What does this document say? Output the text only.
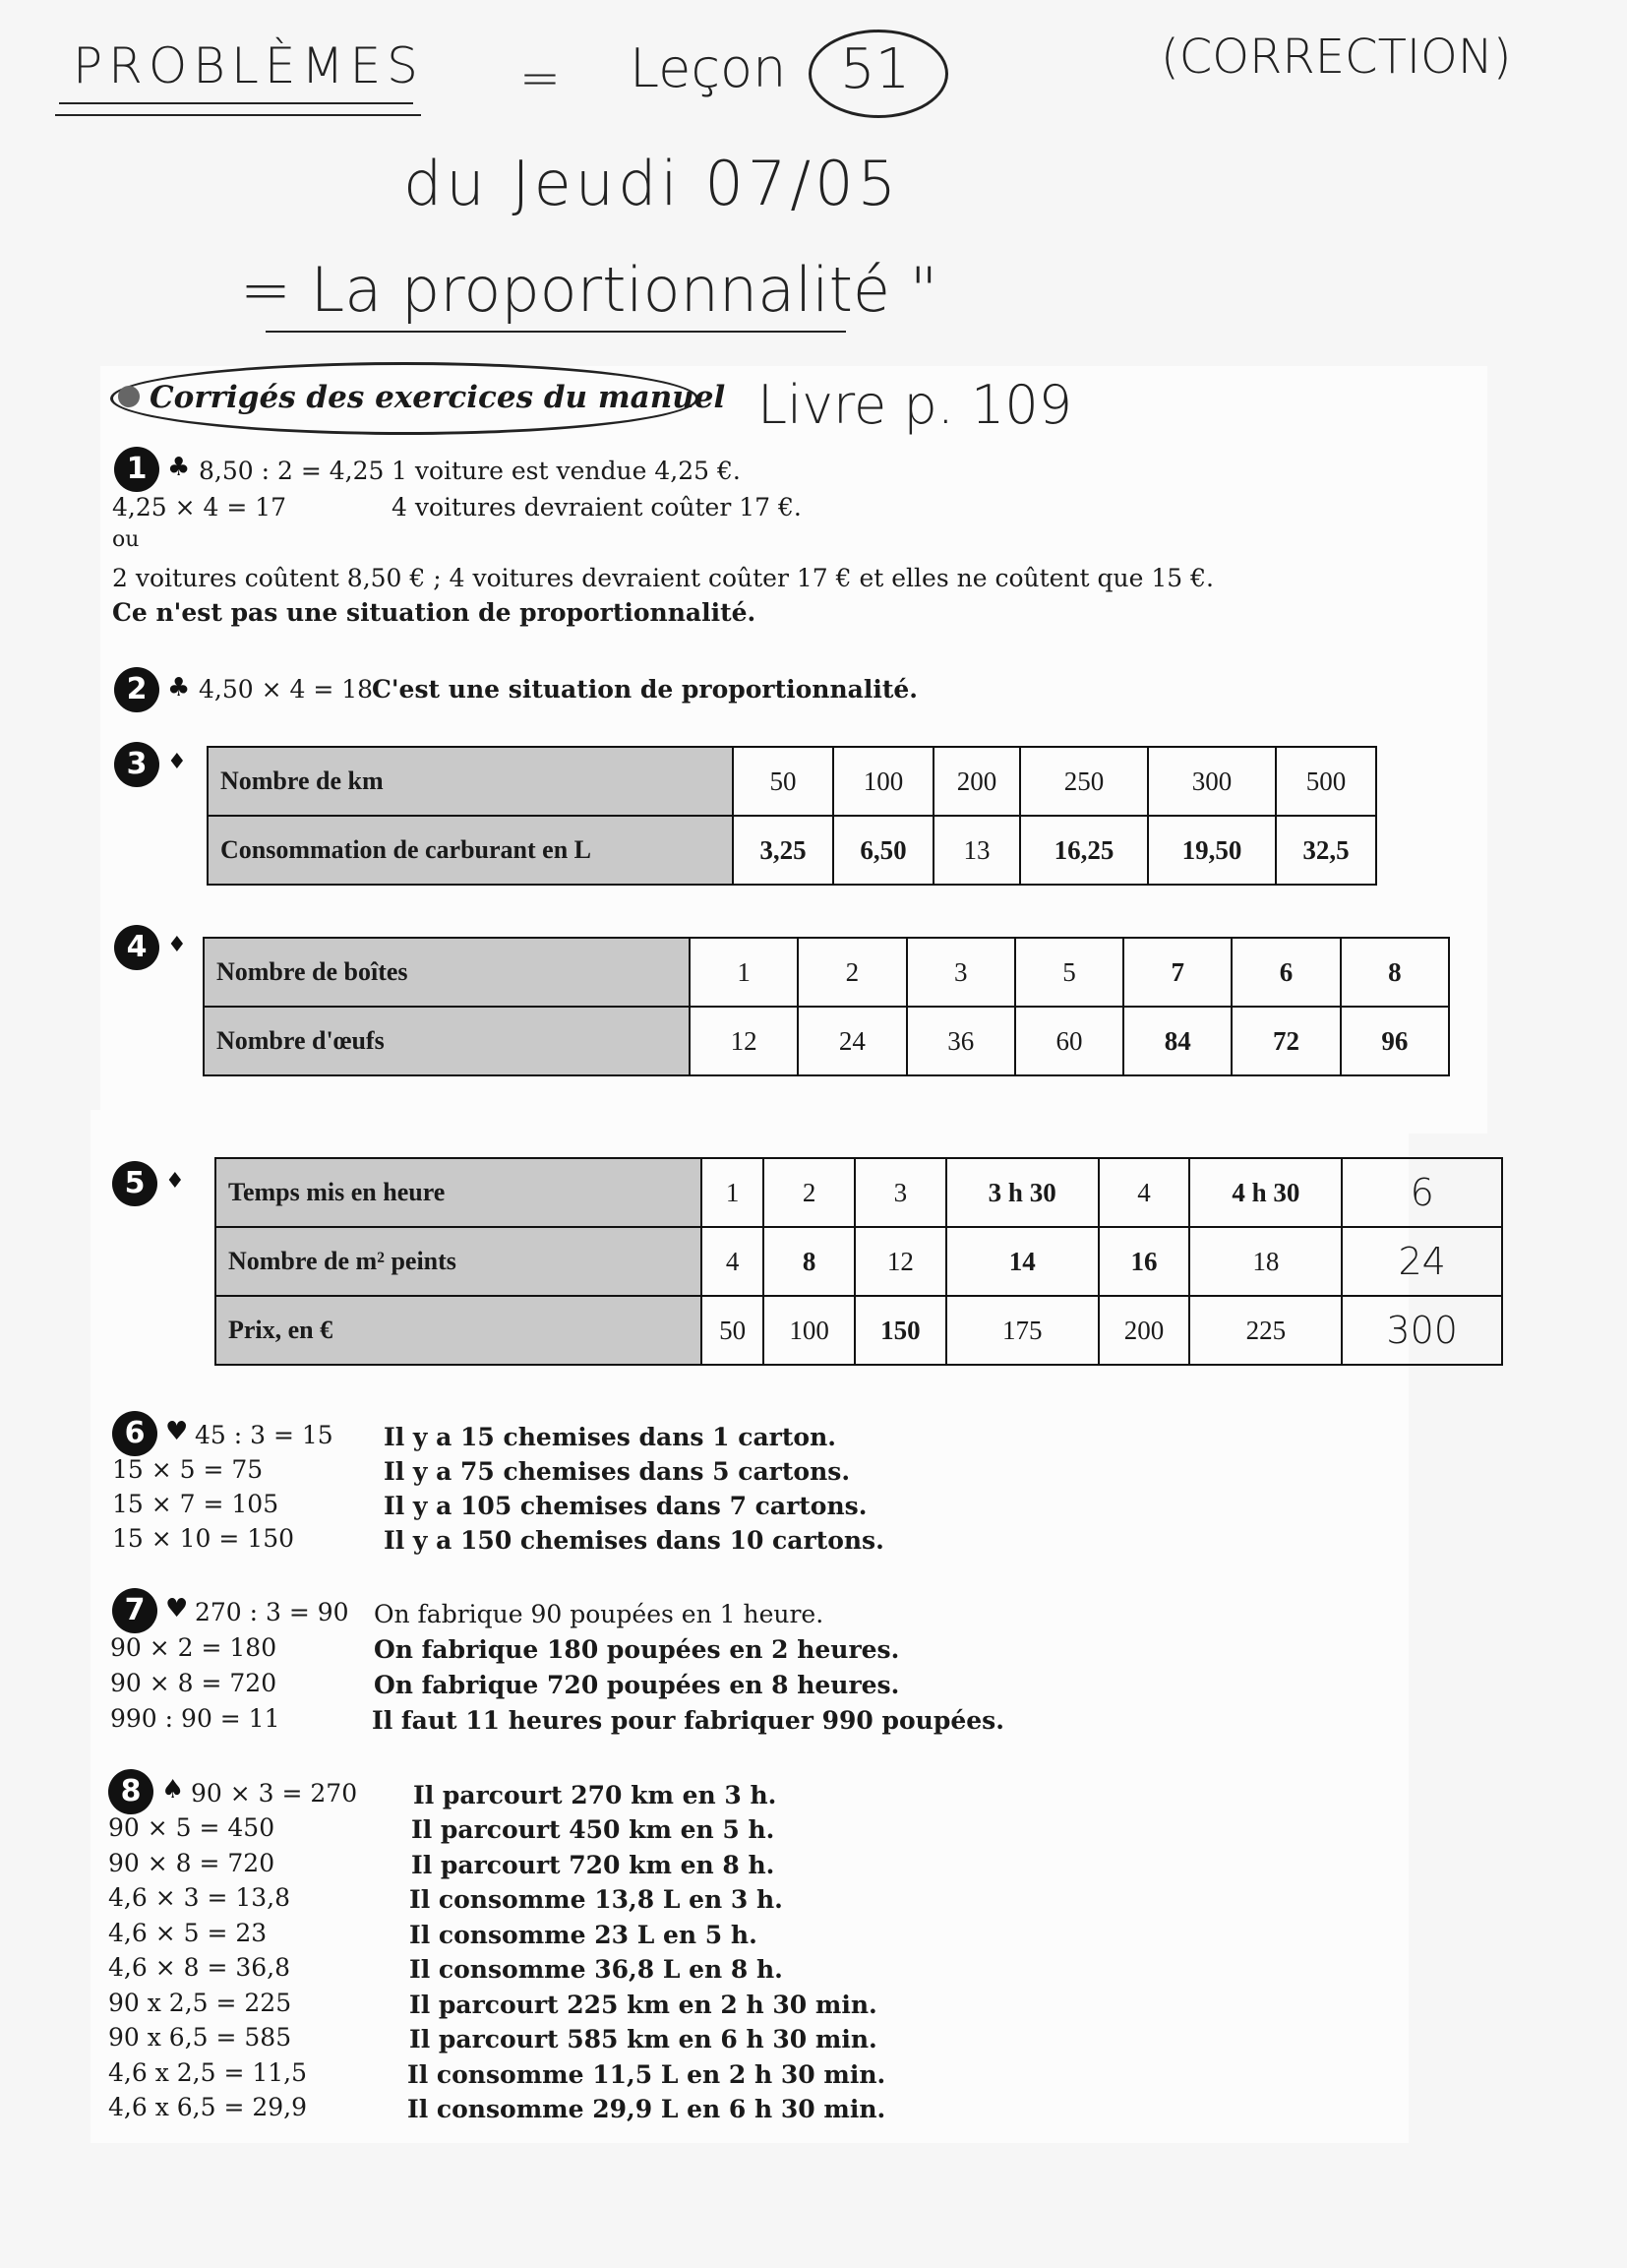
PROBLÈMES = Leçon 51	(CORRECTION)
du Jeudi 07/05
= La proportionnalité "
Corrigés des exercices du manuel Livre p. 109
1 ♣ 8,50 : 2 = 4,25 1 voiture est vendue 4,25 €.
4,25 × 4 = 17	4 voitures devraient coûter 17 €.
ou
2 voitures coûtent 8,50 € ; 4 voitures devraient coûter 17 € et elles ne coûtent que 15 €.
Ce n'est pas une situation de proportionnalité.
2 ♣ 4,50 × 4 = 18
C'est une situation de proportionnalité.
3 ♦
Nombre de km	50	100	200	250	300	500
Consommation de carburant en L	3,25	6,50	13	16,25	19,50	32,5
4 ♦
Nombre de boîtes	1	2	3	5	7	6	8
Nombre d'œufs	12	24	36	60	84	72	96
5 ♦ Temps mis en heure	1	2	3	3 h 30	4	4 h 30	6
Nombre de m² peints	4	8	12	14	16	18	24
Prix, en €	50	100	150	175	200	225	300
6 ♥ 45 : 3 = 15
15 × 5 = 75
15 × 7 = 105
15 × 10 = 150
Il y a 15 chemises dans 1 carton.
Il y a 75 chemises dans 5 cartons.
Il y a 105 chemises dans 7 cartons.
Il y a 150 chemises dans 10 cartons.
7 ♥ 270 : 3 = 90
90 × 2 = 180
90 × 8 = 720
990 : 90 = 11
On fabrique 90 poupées en 1 heure.
On fabrique 180 poupées en 2 heures.
On fabrique 720 poupées en 8 heures.
Il faut 11 heures pour fabriquer 990 poupées.
8 ♠ 90 × 3 = 270
90 × 5 = 450
90 × 8 = 720
4,6 × 3 = 13,8
4,6 × 5 = 23
4,6 × 8 = 36,8
90 x 2,5 = 225
90 x 6,5 = 585
4,6 x 2,5 = 11,5
4,6 x 6,5 = 29,9
Il parcourt 270 km en 3 h.
Il parcourt 450 km en 5 h.
Il parcourt 720 km en 8 h.
Il consomme 13,8 L en 3 h.
Il consomme 23 L en 5 h.
Il consomme 36,8 L en 8 h.
Il parcourt 225 km en 2 h 30 min.
Il parcourt 585 km en 6 h 30 min.
Il consomme 11,5 L en 2 h 30 min.
Il consomme 29,9 L en 6 h 30 min.
